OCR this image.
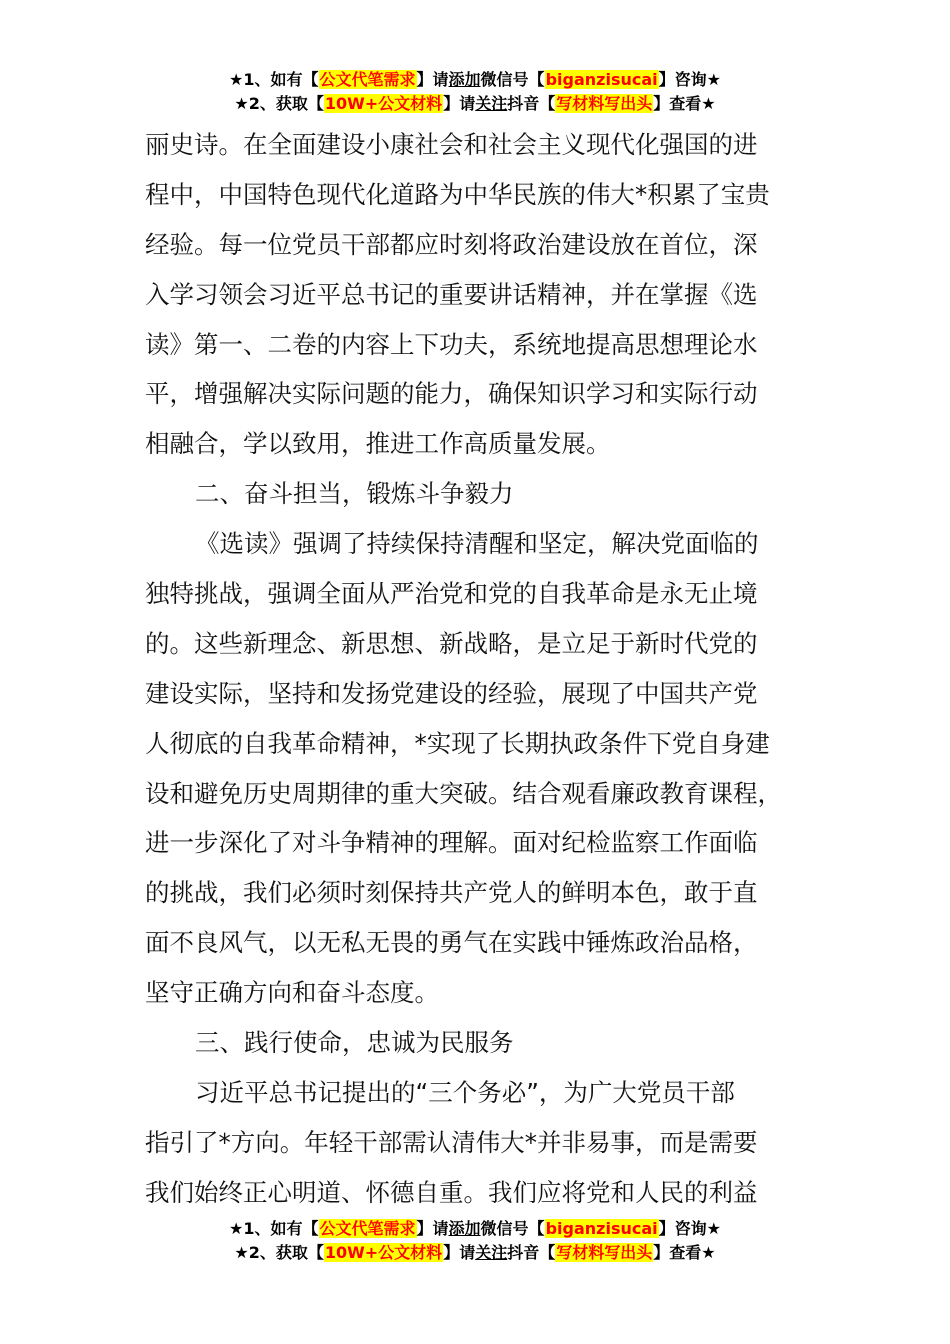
★1、如有【公文代笔需求】请添加微信号【biganzisucai】咨询★
★2、获取【10W+公文材料】请关注抖音【写材料写出头】查看★
丽史诗。在全面建设小康社会和社会主义现代化强国的进
程中，中国特色现代化道路为中华民族的伟大*积累了宝贵
经验。每一位党员干部都应时刻将政治建设放在首位，深
入学习领会习近平总书记的重要讲话精神，并在掌握《选
读》第一、二卷的内容上下功夫，系统地提高思想理论水
平，增强解决实际问题的能力，确保知识学习和实际行动
相融合，学以致用，推进工作高质量发展。
二、奋斗担当，锻炼斗争毅力
《选读》强调了持续保持清醒和坚定，解决党面临的
独特挑战，强调全面从严治党和党的自我革命是永无止境
的。这些新理念、新思想、新战略，是立足于新时代党的
建设实际，坚持和发扬党建设的经验，展现了中国共产党
人彻底的自我革命精神，*实现了长期执政条件下党自身建
设和避免历史周期律的重大突破。结合观看廉政教育课程，
进一步深化了对斗争精神的理解。面对纪检监察工作面临
的挑战，我们必须时刻保持共产党人的鲜明本色，敢于直
面不良风气，以无私无畏的勇气在实践中锤炼政治品格，
坚守正确方向和奋斗态度。
三、践行使命，忠诚为民服务
习近平总书记提出的“三个务必”，为广大党员干部
指引了*方向。年轻干部需认清伟大*并非易事，而是需要
我们始终正心明道、怀德自重。我们应将党和人民的利益
★1、如有【公文代笔需求】请添加微信号【biganzisucai】咨询★
★2、获取【10W+公文材料】请关注抖音【写材料写出头】查看★
